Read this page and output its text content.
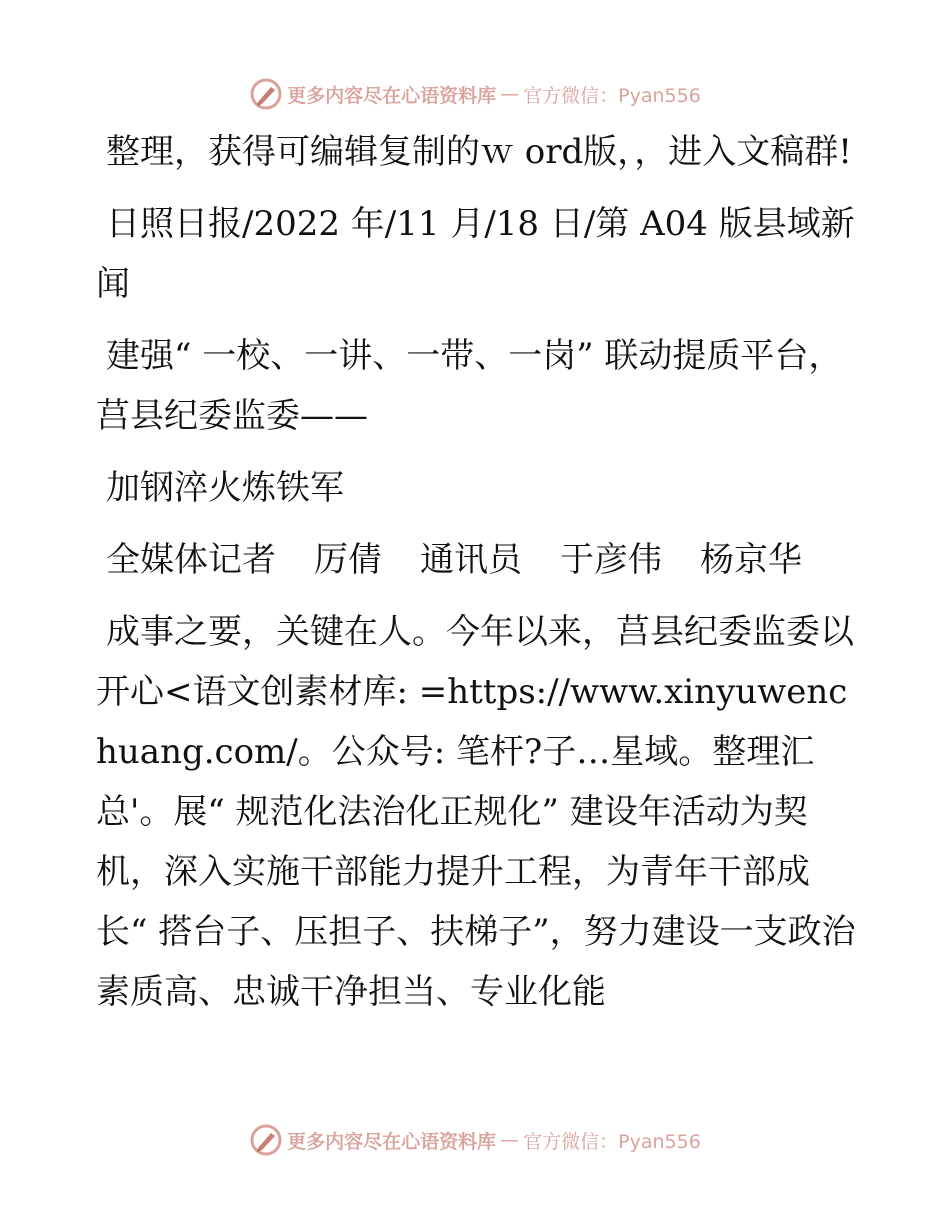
更多内容尽在心语资料库 — 官方微信：Pyan556

整理，获得可编辑复制的ｗ ord版，，进入文稿群!

日照日报/2022 年/11 月/18 日/第 A04 版县域新闻

建强“ 一校、一讲、一带、一岗” 联动提质平台，莒县纪委监委——

加钢淬火炼铁军

全媒体记者 厉倩 通讯员 于彦伟 杨京华

成事之要，关键在人。今年以来，莒县纪委监委以开心<语文创素材库: =https://www.xinyuwenchuang.com/。公众号: 笔杆?子…星域。整理汇总'。展“ 规范化法治化正规化” 建设年活动为契机，深入实施干部能力提升工程，为青年干部成长“ 搭台子、压担子、扶梯子”，努力建设一支政治素质高、忠诚干净担当、专业化能

更多内容尽在心语资料库 — 官方微信：Pyan556
